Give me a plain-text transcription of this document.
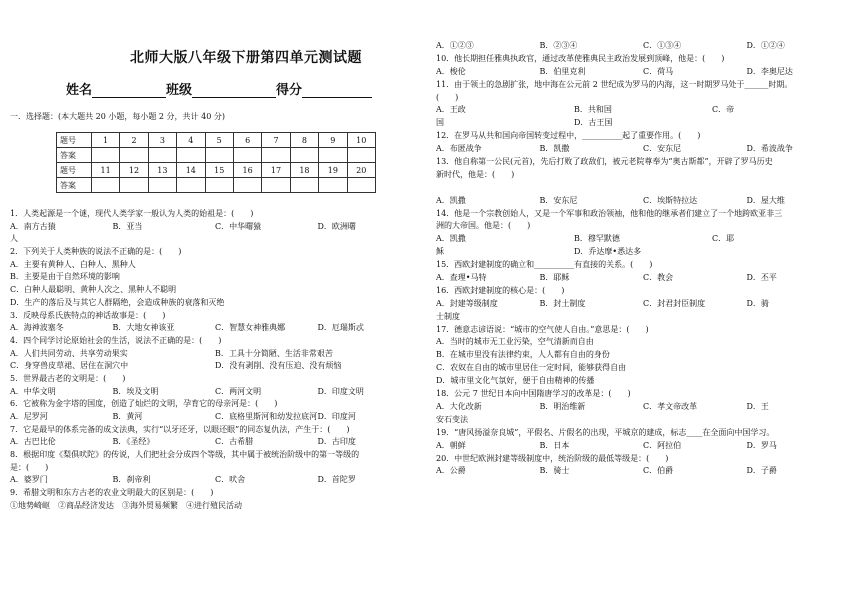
北师大版八年级下册第四单元测试题
姓名	班级	得分
一．选择题：(本大题共 20 小题，每小题 2 分，共计 40 分)
题号	1	2	3	4	5	6	7	8	9	10
答案										
题号	11	12	13	14	15	16	17	18	19	20
答案										
1．人类起源是一个谜，现代人类学家一般认为人类的始祖是：(　　)
A．南方古猿	B．亚当	C．中华曙猿	D．欧洲曙
人
2．下列关于人类种族的说法不正确的是：(　　)
A．主要有黄种人、白种人、黑种人
B．主要是由于自然环境的影响
C．白种人最聪明、黄种人次之、黑种人不聪明
D．生产的落后及与其它人群隔绝，会造成种族的衰落和灭绝
3．反映母系氏族特点的神话故事是：(　　)
A．海神波塞冬	B．大地女神该亚	C．智慧女神雅典娜	D．厄瑞斯忒
4．四个同学讨论原始社会的生活，说法不正确的是：(　　)
A．人们共同劳动、共享劳动果实	B．工具十分简陋、生活非常艰苦
C．身穿兽皮草裙、居住在洞穴中	D．没有剥削、没有压迫、没有烦恼
5．世界最古老的文明是：(　　)
A．中华文明	B．埃及文明	C．两河文明	D．印度文明
6．它被称为金字塔的国度，创造了灿烂的文明，孕育它的母亲河是：(　　)
A．尼罗河	B．黄河	C．底格里斯河和幼发拉底河 D．印度河
7．它是最早的体系完备的成文法典，实行“以牙还牙，以眼还眼”的同态复仇法，产生于：(　　)
A．古巴比伦	B．《圣经》	C．古希腊	D．古印度
8．根据印度《梨俱吠陀》的传说，人们把社会分成四个等级，其中属于被统治阶级中的第一等级的
是：(　　)
A．婆罗门	B．刹帝利	C．吠舍	D．首陀罗
9．希腊文明和东方古老的农业文明最大的区别是：(　　)
①地势崎岖　②商品经济发达　③海外贸易频繁　④进行殖民活动
A．①②③	B．②③④	C．①③④	D．①②④
10．他长期担任雅典执政官，通过改革使雅典民主政治发展到顶峰，他是：(　　)
A．梭伦	B．伯里克利	C．荷马	D．李奥尼达
11．由于领土的急剧扩张，地中海在公元前 2 世纪成为罗马的内海，这一时期罗马处于______时期。
(　　)
A．王政	B．共和国	C．帝
国	D．古王国
12．在罗马从共和国向帝国转变过程中，__________起了重要作用。(　　)
A．布匿战争	B．凯撒	C．安东尼	D．希波战争
13．他自称第一公民(元首)，先后打败了政敌们，被元老院尊奉为“奥古斯都”，开辟了罗马历史
新时代，他是：(　　)
A．凯撒	B．安东尼	C．埃斯特拉达	D．屋大维
14．他是一个宗教创始人，又是一个军事和政治领袖，他和他的继承者们建立了一个地跨欧亚非三
洲的大帝国。他是：(　　)
A．凯撒	B．穆罕默德	C．耶
稣	D．乔达摩•悉达多
15．西欧封建制度的确立和__________有直接的关系。(　　)
A．查理•马特	B．耶稣	C．教会	D．丕平
16．西欧封建制度的核心是：(　　)
A．封建等级制度	B．封土制度	C．封君封臣制度	D．骑
士制度
17．德意志谚语说：“城市的空气使人自由。”意思是：(　　)
A．当时的城市无工业污染，空气清新而自由
B．在城市里没有法律约束，人人都有自由的身份
C．农奴在自由的城市里居住一定时间，能够获得自由
D．城市里文化气氛好，便于自由精神的传播
18．公元 7 世纪日本向中国隋唐学习的改革是：(　　)
A．大化改新	B．明治维新	C．孝文帝改革	D．王
安石变法
19．“唐风扬溢奈良城”，平假名、片假名的出现，平城京的建成，标志____在全面向中国学习。
A．朝鲜	B．日本	C．阿拉伯	D．罗马
20．中世纪欧洲封建等级制度中，统治阶级的最低等级是：(　　)
A．公爵	B．骑士	C．伯爵	D．子爵
